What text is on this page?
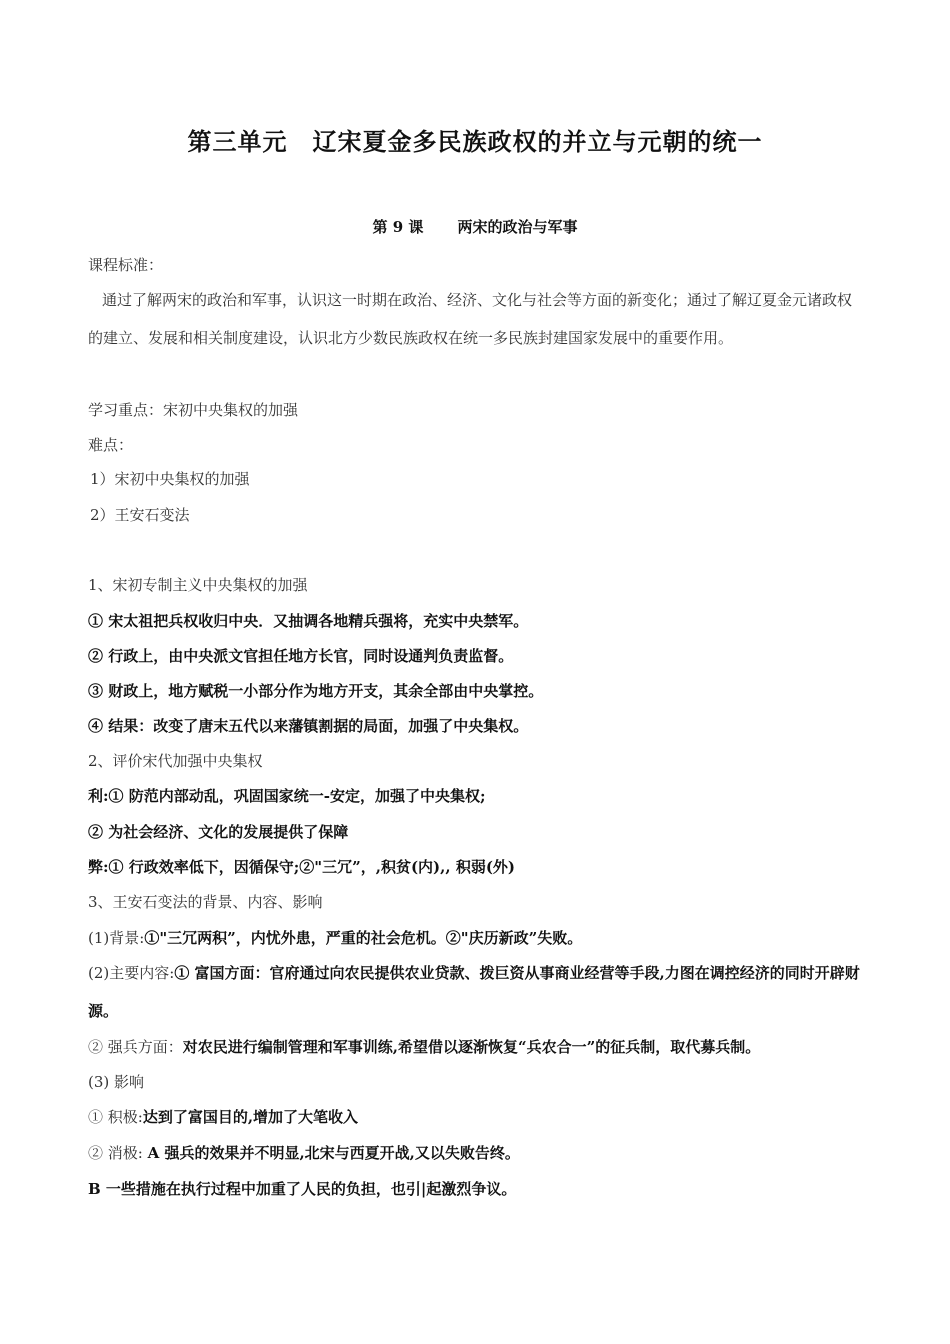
第三单元　辽宋夏金多民族政权的并立与元朝的统一
第 9 课 两宋的政治与军事
课程标准：
通过了解两宋的政治和军事，认识这一时期在政治、经济、文化与社会等方面的新变化；通过了解辽夏金元诸政权的建立、发展和相关制度建设，认识北方少数民族政权在统一多民族封建国家发展中的重要作用。
学习重点：宋初中央集权的加强
难点：
1）宋初中央集权的加强
2）王安石变法
1、宋初专制主义中央集权的加强
① 宋太祖把兵权收归中央．又抽调各地精兵强将，充实中央禁军。
② 行政上，由中央派文官担任地方长官，同时设通判负责监督。
③ 财政上，地方赋税一小部分作为地方开支，其余全部由中央掌控。
④ 结果：改变了唐末五代以来藩镇割据的局面，加强了中央集权。
2、评价宋代加强中央集权
利:① 防范内部动乱，巩固国家统一-安定，加强了中央集权;
② 为社会经济、文化的发展提供了保障
弊:① 行政效率低下，因循保守;②"三冗”，,积贫(内),, 积弱(外)
3、王安石变法的背景、内容、影响
(1)背景:①"三冗两积”，内忧外患，严重的社会危机。②"庆历新政”失败。
(2)主要内容:① 富国方面：官府通过向农民提供农业贷款、拨巨资从事商业经营等手段,力图在调控经济的同时开辟财源。
② 强兵方面：对农民进行编制管理和军事训练,希望借以逐渐恢复“兵农合一”的征兵制，取代募兵制。
(3) 影响
① 积极:达到了富国目的,增加了大笔收入
② 消极: A 强兵的效果并不明显,北宋与西夏开战,又以失败告终。
B 一些措施在执行过程中加重了人民的负担，也引|起激烈争议。
